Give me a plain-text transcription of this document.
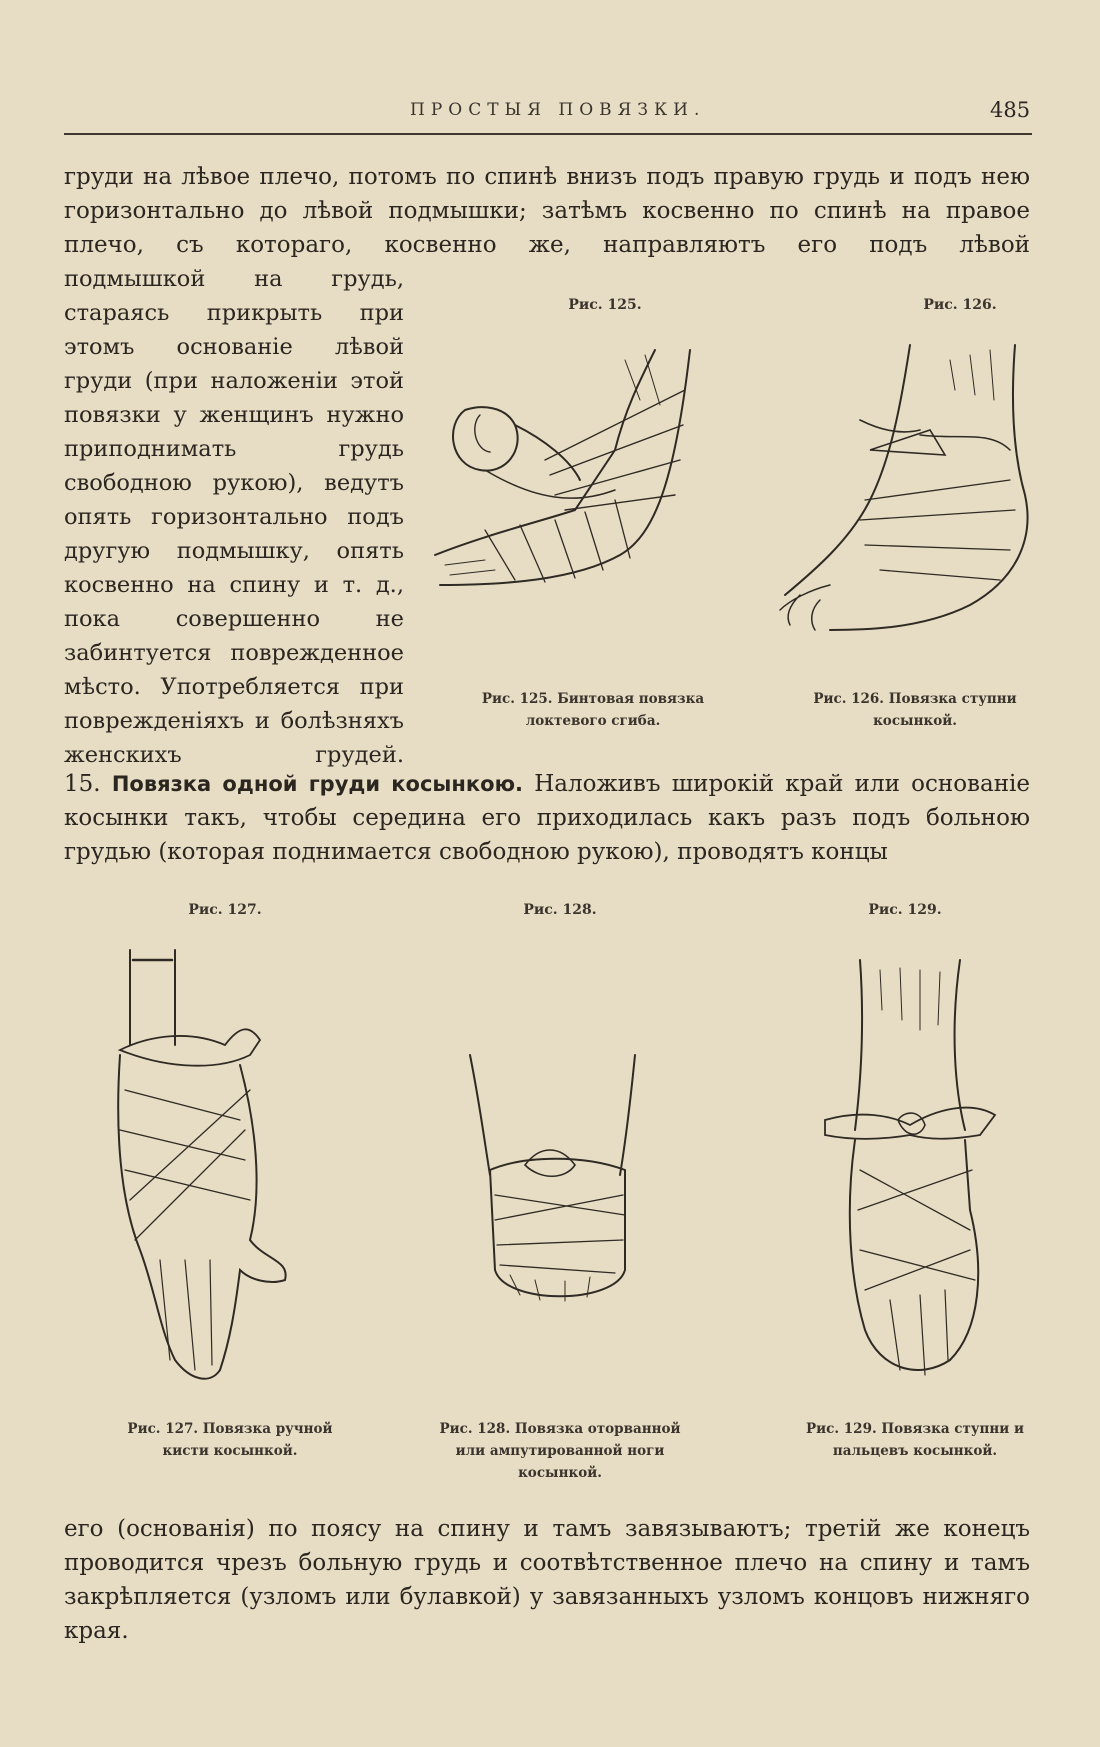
ПРОСТЫЯ ПОВЯЗКИ.	485

груди на лѣвое плечо, потомъ по спинѣ внизъ подъ правую грудь и подъ нею горизонтально до лѣвой подмышки; затѣмъ косвенно по спинѣ на правое плечо, съ котораго, косвенно же, направляютъ его подъ лѣвой

подмышкой на грудь, стараясь прикрыть при этомъ основаніе лѣвой груди (при наложеніи этой повязки у женщинъ нужно приподнимать грудь свободною рукою), ведутъ опять горизонтально подъ другую подмышку, опять косвенно на спину и т. д., пока совершенно не забинтуется поврежденное мѣсто. Употребляется при поврежденіяхъ и болѣзняхъ женскихъ грудей.

Рис. 125.
Рис. 125. Бинтовая повязка локтевого сгиба.
Рис. 126.
Рис. 126. Повязка ступни косынкой.

15. Повязка одной груди косынкою. Наложивъ широкій край или основаніе косынки такъ, чтобы середина его приходилась какъ разъ подъ больною грудью (которая поднимается свободною рукою), проводятъ концы

Рис. 127.
Рис. 127. Повязка ручной кисти косынкой.
Рис. 128.
Рис. 128. Повязка оторванной или ампутированной ноги косынкой.
Рис. 129.
Рис. 129. Повязка ступни и пальцевъ косынкой.

его (основанія) по поясу на спину и тамъ завязываютъ; третій же конецъ проводится чрезъ больную грудь и соотвѣтственное плечо на спину и тамъ закрѣпляется (узломъ или булавкой) у завязанныхъ узломъ концовъ нижняго края.
